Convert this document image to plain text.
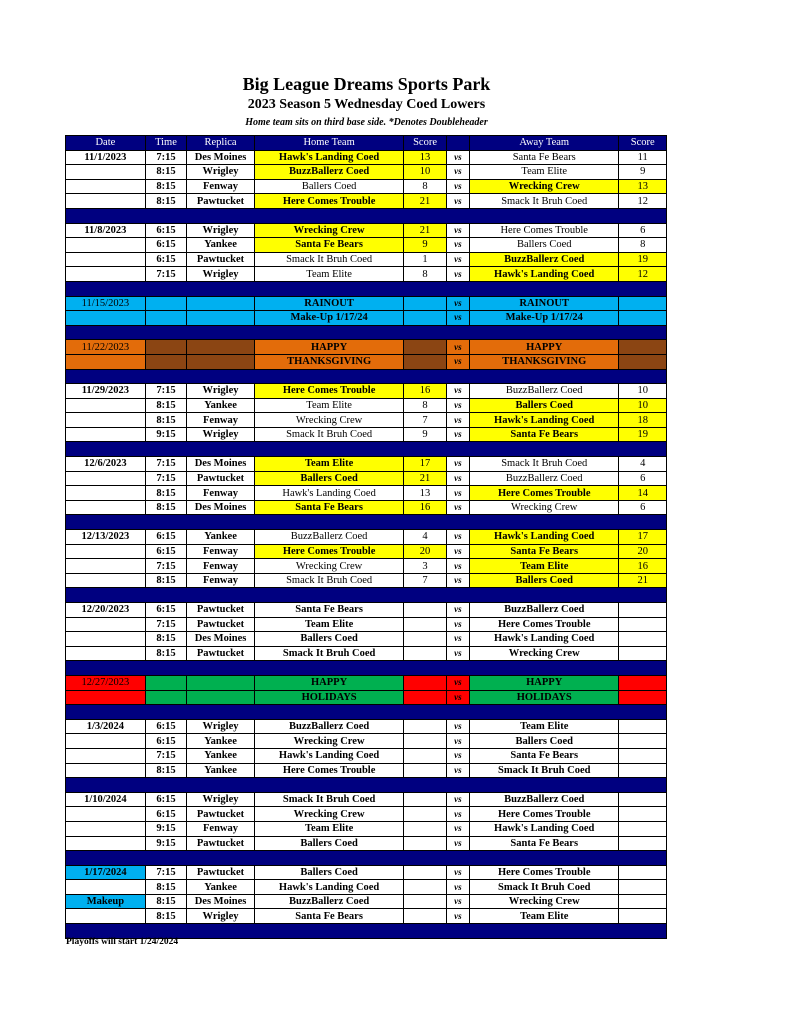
Big League Dreams Sports Park
2023 Season 5 Wednesday Coed Lowers
Home team sits on third base side. *Denotes Doubleheader
Date	Time	Replica	Home Team	Score		Away Team	Score
11/1/2023	7:15	Des Moines	Hawk's Landing Coed	13	vs	Santa Fe Bears	11
	8:15	Wrigley	BuzzBallerz Coed	10	vs	Team Elite	9
	8:15	Fenway	Ballers Coed	8	vs	Wrecking Crew	13
	8:15	Pawtucket	Here Comes Trouble	21	vs	Smack It Bruh Coed	12

11/8/2023	6:15	Wrigley	Wrecking Crew	21	vs	Here Comes Trouble	6
	6:15	Yankee	Santa Fe Bears	9	vs	Ballers Coed	8
	6:15	Pawtucket	Smack It Bruh Coed	1	vs	BuzzBallerz Coed	19
	7:15	Wrigley	Team Elite	8	vs	Hawk's Landing Coed	12

11/15/2023			RAINOUT		vs	RAINOUT	
			Make-Up 1/17/24		vs	Make-Up 1/17/24	

11/22/2023			HAPPY		vs	HAPPY	
			THANKSGIVING		vs	THANKSGIVING	

11/29/2023	7:15	Wrigley	Here Comes Trouble	16	vs	BuzzBallerz Coed	10
	8:15	Yankee	Team Elite	8	vs	Ballers Coed	10
	8:15	Fenway	Wrecking Crew	7	vs	Hawk's Landing Coed	18
	9:15	Wrigley	Smack It Bruh Coed	9	vs	Santa Fe Bears	19

12/6/2023	7:15	Des Moines	Team Elite	17	vs	Smack It Bruh Coed	4
	7:15	Pawtucket	Ballers Coed	21	vs	BuzzBallerz Coed	6
	8:15	Fenway	Hawk's Landing Coed	13	vs	Here Comes Trouble	14
	8:15	Des Moines	Santa Fe Bears	16	vs	Wrecking Crew	6

12/13/2023	6:15	Yankee	BuzzBallerz Coed	4	vs	Hawk's Landing Coed	17
	6:15	Fenway	Here Comes Trouble	20	vs	Santa Fe Bears	20
	7:15	Fenway	Wrecking Crew	3	vs	Team Elite	16
	8:15	Fenway	Smack It Bruh Coed	7	vs	Ballers Coed	21

12/20/2023	6:15	Pawtucket	Santa Fe Bears		vs	BuzzBallerz Coed	
	7:15	Pawtucket	Team Elite		vs	Here Comes Trouble	
	8:15	Des Moines	Ballers Coed		vs	Hawk's Landing Coed	
	8:15	Pawtucket	Smack It Bruh Coed		vs	Wrecking Crew	

12/27/2023			HAPPY		vs	HAPPY	
			HOLIDAYS		vs	HOLIDAYS	

1/3/2024	6:15	Wrigley	BuzzBallerz Coed		vs	Team Elite	
	6:15	Yankee	Wrecking Crew		vs	Ballers Coed	
	7:15	Yankee	Hawk's Landing Coed		vs	Santa Fe Bears	
	8:15	Yankee	Here Comes Trouble		vs	Smack It Bruh Coed	

1/10/2024	6:15	Wrigley	Smack It Bruh Coed		vs	BuzzBallerz Coed	
	6:15	Pawtucket	Wrecking Crew		vs	Here Comes Trouble	
	9:15	Fenway	Team Elite		vs	Hawk's Landing Coed	
	9:15	Pawtucket	Ballers Coed		vs	Santa Fe Bears	

1/17/2024	7:15	Pawtucket	Ballers Coed		vs	Here Comes Trouble	
	8:15	Yankee	Hawk's Landing Coed		vs	Smack It Bruh Coed	
Makeup	8:15	Des Moines	BuzzBallerz Coed		vs	Wrecking Crew	
	8:15	Wrigley	Santa Fe Bears		vs	Team Elite	

Playoffs will start 1/24/2024
